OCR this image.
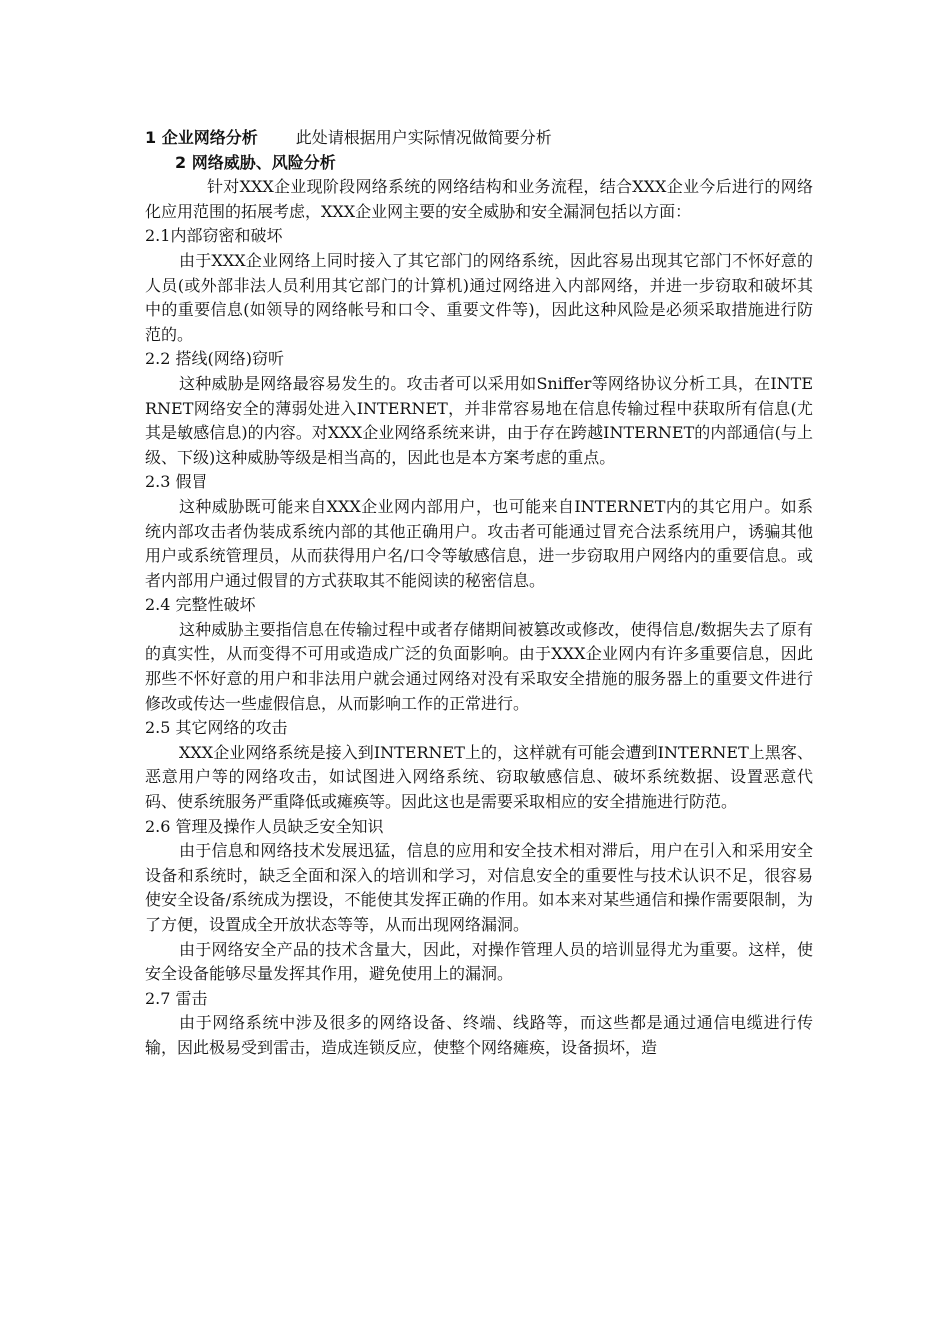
1 企业网络分析 此处请根据用户实际情况做简要分析
2 网络威胁、风险分析
针对XXX企业现阶段网络系统的网络结构和业务流程，结合XXX企业今后进行的网络化应用范围的拓展考虑，XXX企业网主要的安全威胁和安全漏洞包括以方面：
2.1内部窃密和破坏
由于XXX企业网络上同时接入了其它部门的网络系统，因此容易出现其它部门不怀好意的人员(或外部非法人员利用其它部门的计算机)通过网络进入内部网络，并进一步窃取和破坏其中的重要信息(如领导的网络帐号和口令、重要文件等)，因此这种风险是必须采取措施进行防范的。
2.2 搭线(网络)窃听
这种威胁是网络最容易发生的。攻击者可以采用如Sniffer等网络协议分析工具，在INTERNET网络安全的薄弱处进入INTERNET，并非常容易地在信息传输过程中获取所有信息(尤其是敏感信息)的内容。对XXX企业网络系统来讲，由于存在跨越INTERNET的内部通信(与上级、下级)这种威胁等级是相当高的，因此也是本方案考虑的重点。
2.3 假冒
这种威胁既可能来自XXX企业网内部用户，也可能来自INTERNET内的其它用户。如系统内部攻击者伪装成系统内部的其他正确用户。攻击者可能通过冒充合法系统用户，诱骗其他用户或系统管理员，从而获得用户名/口令等敏感信息，进一步窃取用户网络内的重要信息。或者内部用户通过假冒的方式获取其不能阅读的秘密信息。
2.4 完整性破坏
这种威胁主要指信息在传输过程中或者存储期间被篡改或修改，使得信息/数据失去了原有的真实性，从而变得不可用或造成广泛的负面影响。由于XXX企业网内有许多重要信息，因此那些不怀好意的用户和非法用户就会通过网络对没有采取安全措施的服务器上的重要文件进行修改或传达一些虚假信息，从而影响工作的正常进行。
2.5 其它网络的攻击
XXX企业网络系统是接入到INTERNET上的，这样就有可能会遭到INTERNET上黑客、恶意用户等的网络攻击，如试图进入网络系统、窃取敏感信息、破坏系统数据、设置恶意代码、使系统服务严重降低或瘫痪等。因此这也是需要采取相应的安全措施进行防范。
2.6 管理及操作人员缺乏安全知识
由于信息和网络技术发展迅猛，信息的应用和安全技术相对滞后，用户在引入和采用安全设备和系统时，缺乏全面和深入的培训和学习，对信息安全的重要性与技术认识不足，很容易使安全设备/系统成为摆设，不能使其发挥正确的作用。如本来对某些通信和操作需要限制，为了方便，设置成全开放状态等等，从而出现网络漏洞。
由于网络安全产品的技术含量大，因此，对操作管理人员的培训显得尤为重要。这样，使安全设备能够尽量发挥其作用，避免使用上的漏洞。
2.7 雷击
由于网络系统中涉及很多的网络设备、终端、线路等，而这些都是通过通信电缆进行传输，因此极易受到雷击，造成连锁反应，使整个网络瘫痪，设备损坏，造
